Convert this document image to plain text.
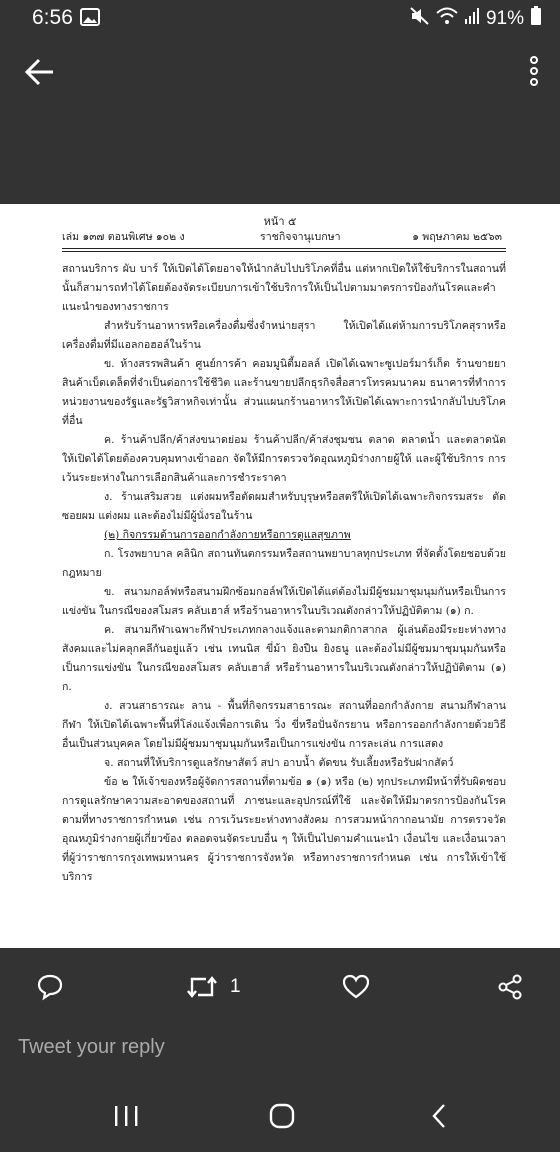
6:56	91%
หน้า ๕
เล่ม ๑๓๗ ตอนพิเศษ ๑๐๒ ง	ราชกิจจานุเบกษา	๑ พฤษภาคม ๒๕๖๓

สถานบริการ ผับ บาร์ ให้เปิดได้โดยอาจให้นำกลับไปบริโภคที่อื่น แต่หากเปิดให้ใช้บริการในสถานที่นั้นก็สามารถทำได้โดยต้องจัดระเบียบการเข้าใช้บริการให้เป็นไปตามมาตรการป้องกันโรคและคำแนะนำของทางราชการ

สำหรับร้านอาหารหรือเครื่องดื่มซึ่งจำหน่ายสุรา ให้เปิดได้แต่ห้ามการบริโภคสุราหรือเครื่องดื่มที่มีแอลกอฮอล์ในร้าน

ข. ห้างสรรพสินค้า ศูนย์การค้า คอมมูนิตี้มอลล์ เปิดได้เฉพาะซูเปอร์มาร์เก็ต ร้านขายยา สินค้าเบ็ดเตล็ดที่จำเป็นต่อการใช้ชีวิต และร้านขายปลีกธุรกิจสื่อสารโทรคมนาคม ธนาคารที่ทำการหน่วยงานของรัฐและรัฐวิสาหกิจเท่านั้น ส่วนแผนกร้านอาหารให้เปิดได้เฉพาะการนำกลับไปบริโภคที่อื่น

ค. ร้านค้าปลีก/ค้าส่งขนาดย่อม ร้านค้าปลีก/ค้าส่งชุมชน ตลาด ตลาดน้ำ และตลาดนัด ให้เปิดได้โดยต้องควบคุมทางเข้าออก จัดให้มีการตรวจวัดอุณหภูมิร่างกายผู้ให้ และผู้ใช้บริการ การเว้นระยะห่างในการเลือกสินค้าและการชำระราคา

ง. ร้านเสริมสวย แต่งผมหรือตัดผมสำหรับบุรุษหรือสตรีให้เปิดได้เฉพาะกิจกรรมสระ ตัด ซอยผม แต่งผม และต้องไม่มีผู้นั่งรอในร้าน

(๒) กิจกรรมด้านการออกกำลังกายหรือการดูแลสุขภาพ

ก. โรงพยาบาล คลินิก สถานทันตกรรมหรือสถานพยาบาลทุกประเภท ที่จัดตั้งโดยชอบด้วยกฎหมาย

ข. สนามกอล์ฟหรือสนามฝึกซ้อมกอล์ฟให้เปิดได้แต่ต้องไม่มีผู้ชมมาชุมนุมกันหรือเป็นการแข่งขัน ในกรณีของสโมสร คลับเฮาส์ หรือร้านอาหารในบริเวณดังกล่าวให้ปฏิบัติตาม (๑) ก.

ค. สนามกีฬาเฉพาะกีฬาประเภทกลางแจ้งและตามกติกาสากล ผู้เล่นต้องมีระยะห่างทางสังคมและไม่คลุกคลีกันอยู่แล้ว เช่น เทนนิส ขี่ม้า ยิงปืน ยิงธนู และต้องไม่มีผู้ชมมาชุมนุมกันหรือเป็นการแข่งขัน ในกรณีของสโมสร คลับเฮาส์ หรือร้านอาหารในบริเวณดังกล่าวให้ปฏิบัติตาม (๑) ก.

ง. สวนสาธารณะ ลาน - พื้นที่กิจกรรมสาธารณะ สถานที่ออกกำลังกาย สนามกีฬาลานกีฬา ให้เปิดได้เฉพาะพื้นที่โล่งแจ้งเพื่อการเดิน วิ่ง ขี่หรือปั่นจักรยาน หรือการออกกำลังกายด้วยวิธีอื่นเป็นส่วนบุคคล โดยไม่มีผู้ชมมาชุมนุมกันหรือเป็นการแข่งขัน การละเล่น การแสดง

จ. สถานที่ให้บริการดูแลรักษาสัตว์ สปา อาบน้ำ ตัดขน รับเลี้ยงหรือรับฝากสัตว์

ข้อ ๒ ให้เจ้าของหรือผู้จัดการสถานที่ตามข้อ ๑ (๑) หรือ (๒) ทุกประเภทมีหน้าที่รับผิดชอบการดูแลรักษาความสะอาดของสถานที่ ภาชนะและอุปกรณ์ที่ใช้ และจัดให้มีมาตรการป้องกันโรคตามที่ทางราชการกำหนด เช่น การเว้นระยะห่างทางสังคม การสวมหน้ากากอนามัย การตรวจวัดอุณหภูมิร่างกายผู้เกี่ยวข้อง ตลอดจนจัดระบบอื่น ๆ ให้เป็นไปตามคำแนะนำ เงื่อนไข และเงื่อนเวลาที่ผู้ว่าราชการกรุงเทพมหานคร ผู้ว่าราชการจังหวัด หรือทางราชการกำหนด เช่น การให้เข้าใช้บริการ

1
Tweet your reply
